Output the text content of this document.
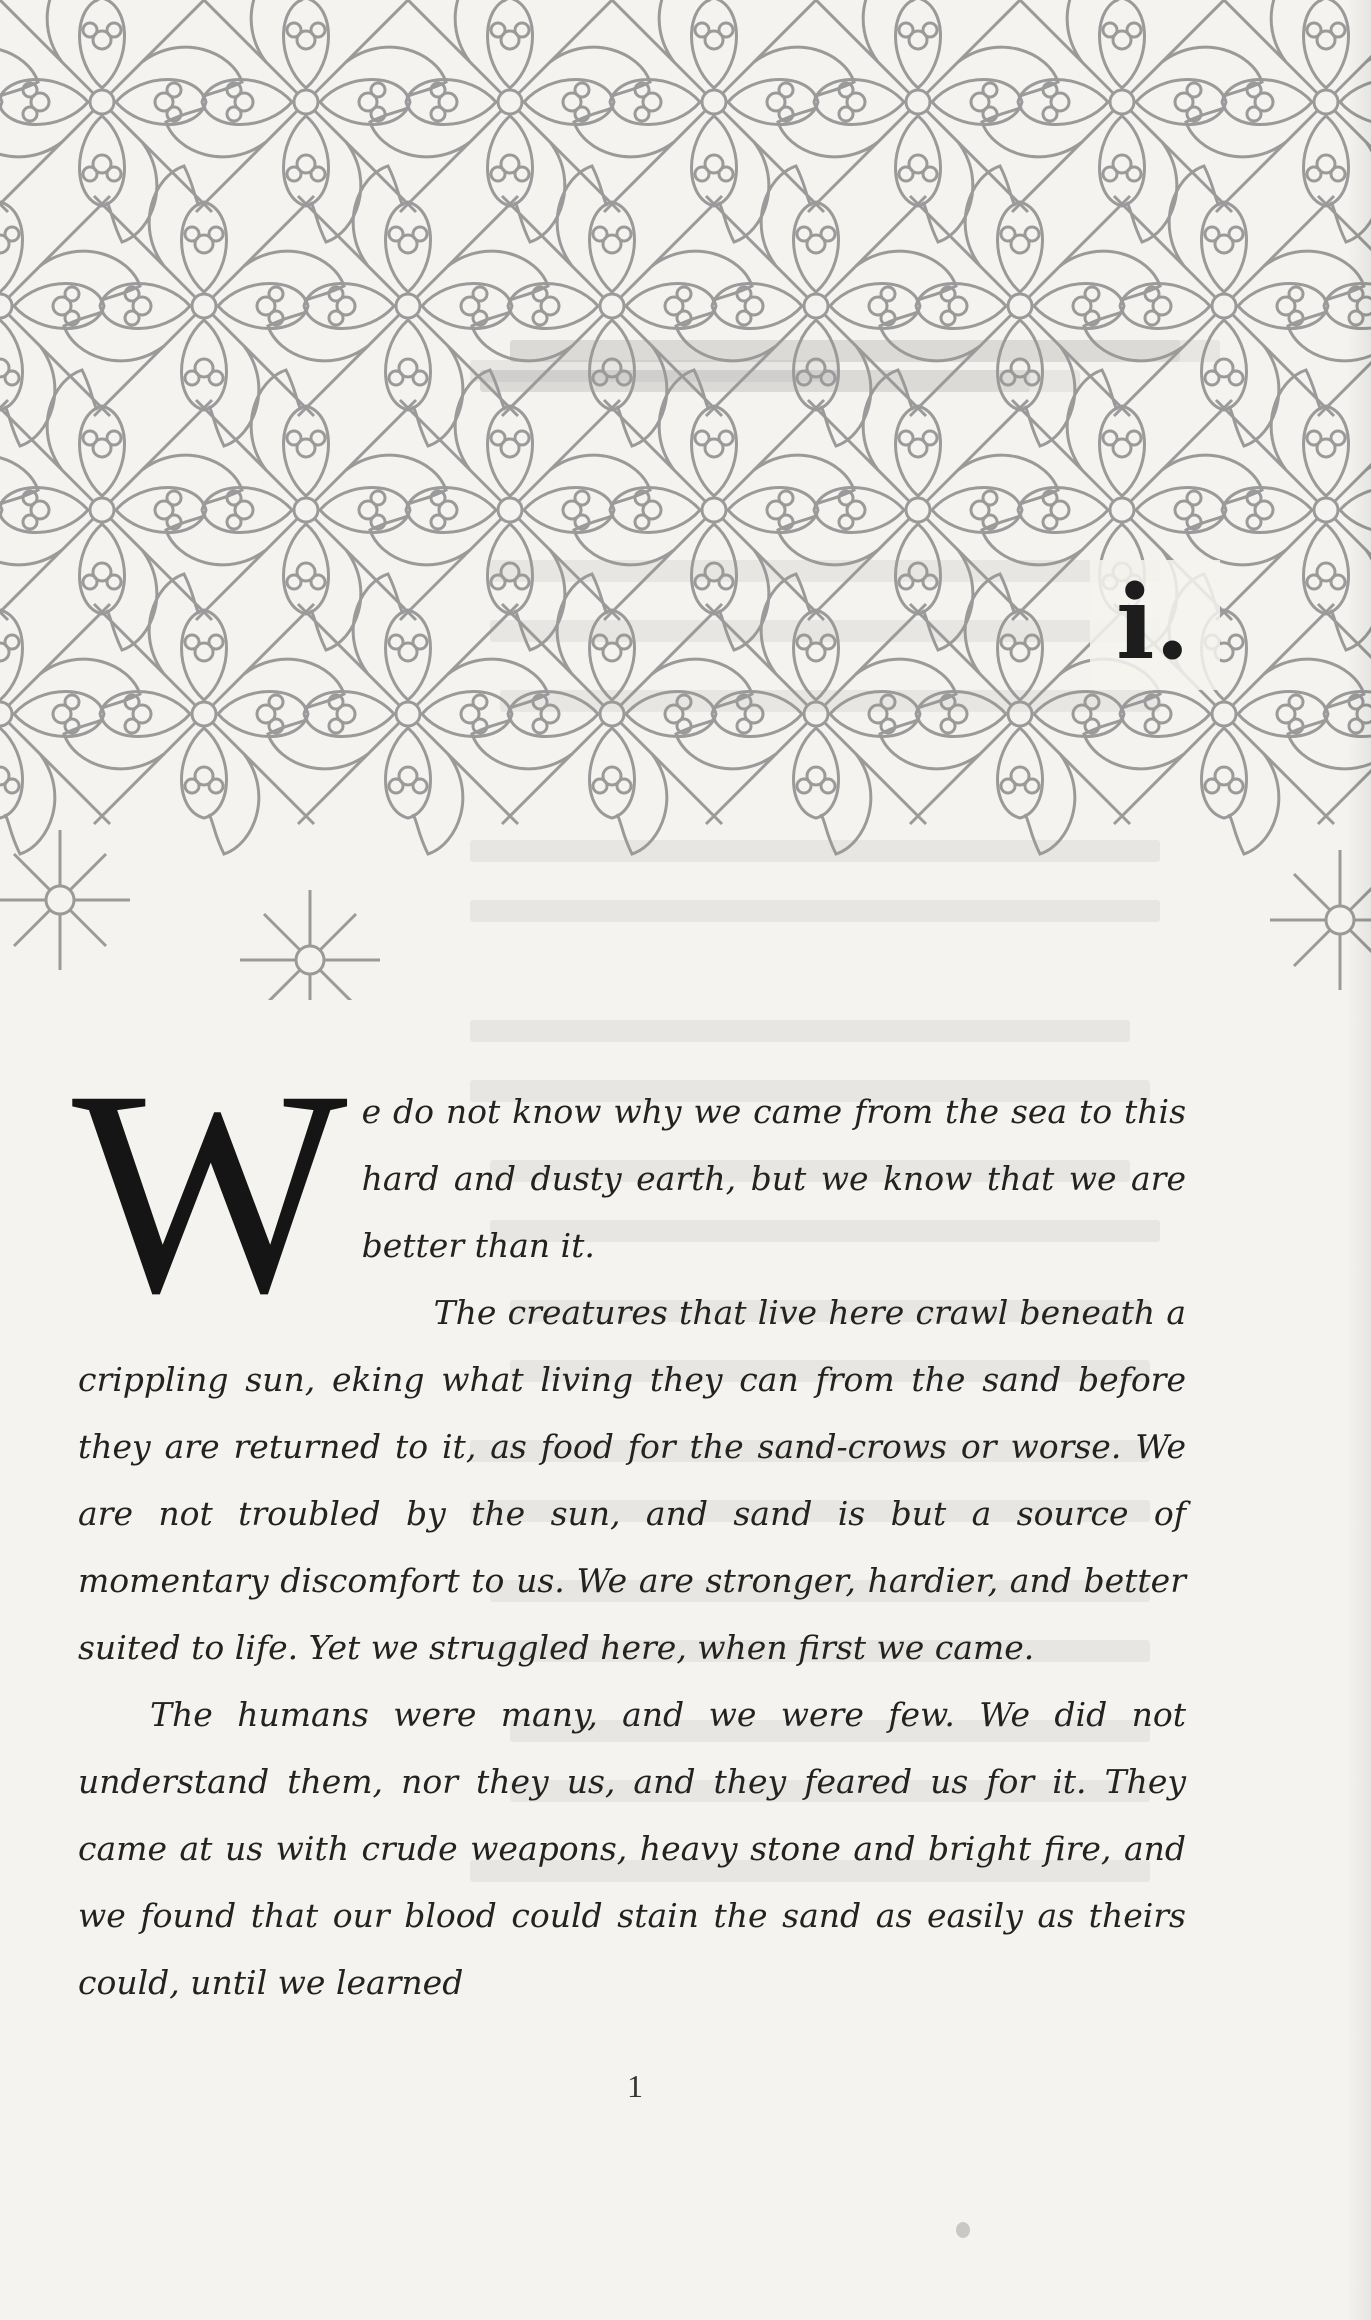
i.

We do not know why we came from the sea to this hard and dusty earth, but we know that we are better than it.

The creatures that live here crawl beneath a crippling sun, eking what living they can from the sand before they are returned to it, as food for the sand-crows or worse. We are not troubled by the sun, and sand is but a source of momentary discomfort to us. We are stronger, hardier, and better suited to life. Yet we struggled here, when first we came.

The humans were many, and we were few. We did not understand them, nor they us, and they feared us for it. They came at us with crude weapons, heavy stone and bright fire, and we found that our blood could stain the sand as easily as theirs could, until we learned

1
